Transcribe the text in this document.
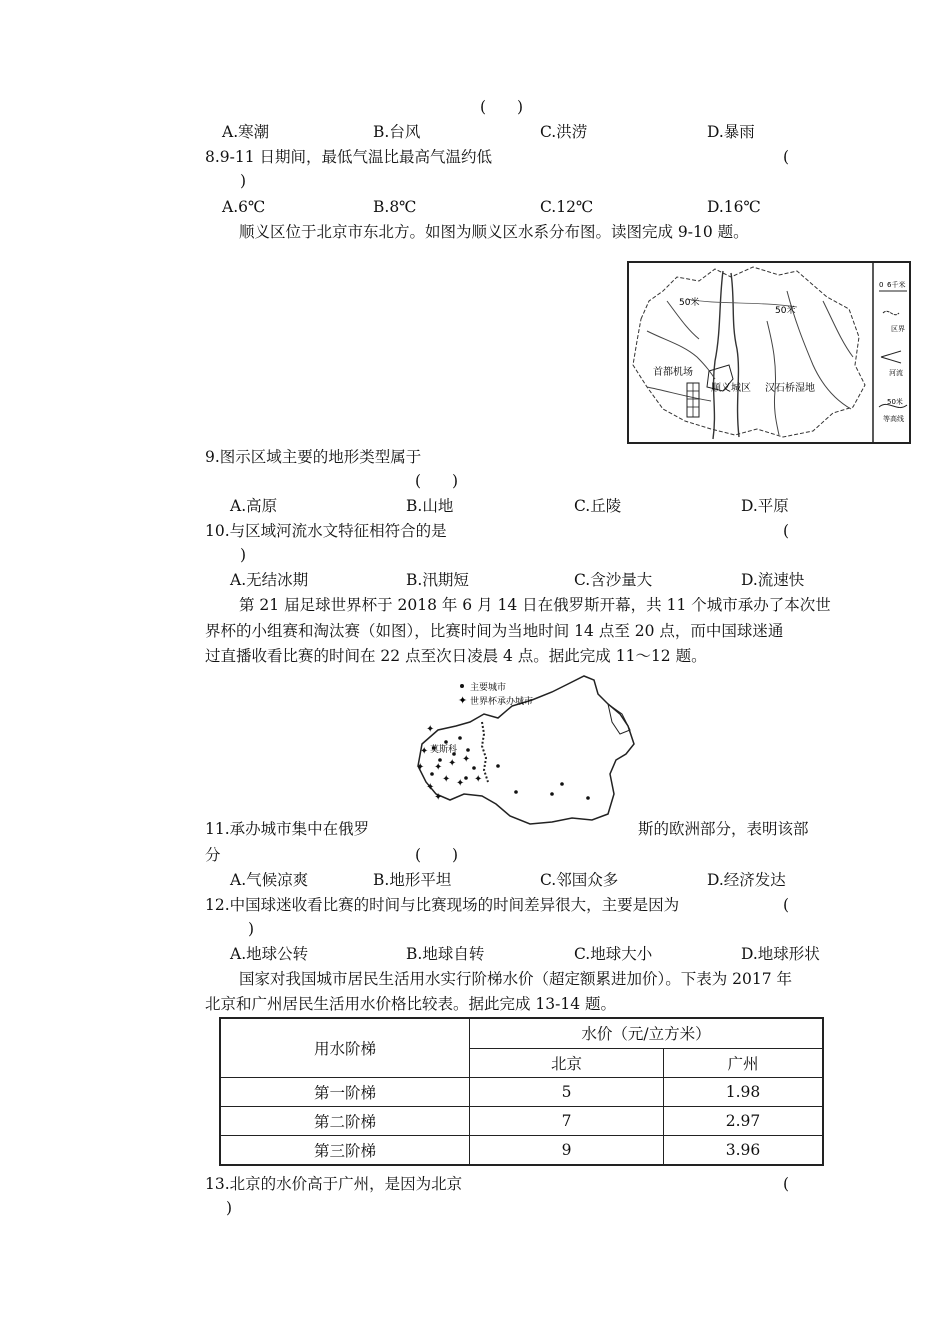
(　　)
A.寒潮	B.台风	C.洪涝	D.暴雨
8.9-11 日期间，最低气温比最高气温约低	(
)
A.6℃	B.8℃	C.12℃	D.16℃
顺义区位于北京市东北方。如图为顺义区水系分布图。读图完成 9-10 题。
50米
50米
首都机场
顺义城区 汉石桥湿地
0 6千米
区界
河流
50米
等高线
9.图示区域主要的地形类型属于
(　　)
A.高原	B.山地	C.丘陵	D.平原
10.与区域河流水文特征相符合的是	(
)
A.无结冰期	B.汛期短	C.含沙量大	D.流速快
第 21 届足球世界杯于 2018 年 6 月 14 日在俄罗斯开幕，共 11 个城市承办了本次世
界杯的小组赛和淘汰赛（如图），比赛时间为当地时间 14 点至 20 点，而中国球迷通
过直播收看比赛的时间在 22 点至次日凌晨 4 点。据此完成 11～12 题。
主要城市
✦ 世界杯承办城市
✦
✦ ✦ ✦
✦ ✦
✦
✦
✦
✦
✦
莫斯科
11.承办城市集中在俄罗	斯的欧洲部分，表明该部
分	(　　)
A.气候凉爽	B.地形平坦	C.邻国众多	D.经济发达
12.中国球迷收看比赛的时间与比赛现场的时间差异很大，主要是因为	(
)
A.地球公转	B.地球自转	C.地球大小	D.地球形状
国家对我国城市居民生活用水实行阶梯水价（超定额累进加价）。下表为 2017 年
北京和广州居民生活用水价格比较表。据此完成 13-14 题。
用水阶梯	水价（元/立方米）	
	北京	广州
第一阶梯	5	1.98
第二阶梯	7	2.97
第三阶梯	9	3.96
13.北京的水价高于广州，是因为北京	(
)
